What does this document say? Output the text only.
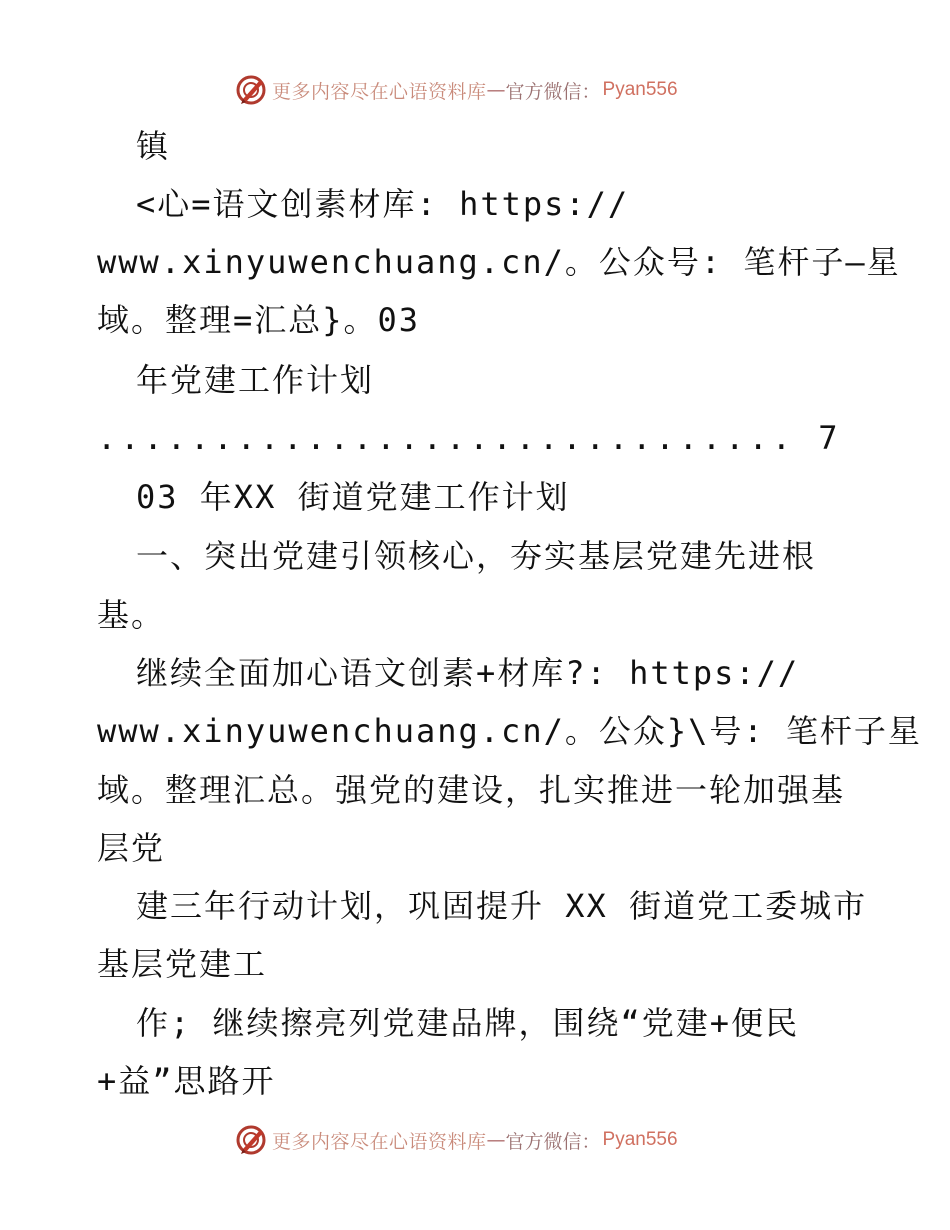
更多内容尽在心语资料库 — 官方微信： Pyan556
镇
<心=语文创素材库: https://
www.xinyuwenchuang.cn/。公众号: 笔杆子—星
域。整理=汇总}。03
年党建工作计划
.............................. 7
03 年XX 街道党建工作计划
一、突出党建引领核心，夯实基层党建先进根
基。
继续全面加心语文创素+材库?: https://
www.xinyuwenchuang.cn/。公众}\号: 笔杆子星
域。整理汇总。强党的建设，扎实推进一轮加强基
层党
建三年行动计划，巩固提升 XX 街道党工委城市
基层党建工
作; 继续擦亮列党建品牌，围绕“党建+便民
+益”思路开
更多内容尽在心语资料库 — 官方微信： Pyan556
